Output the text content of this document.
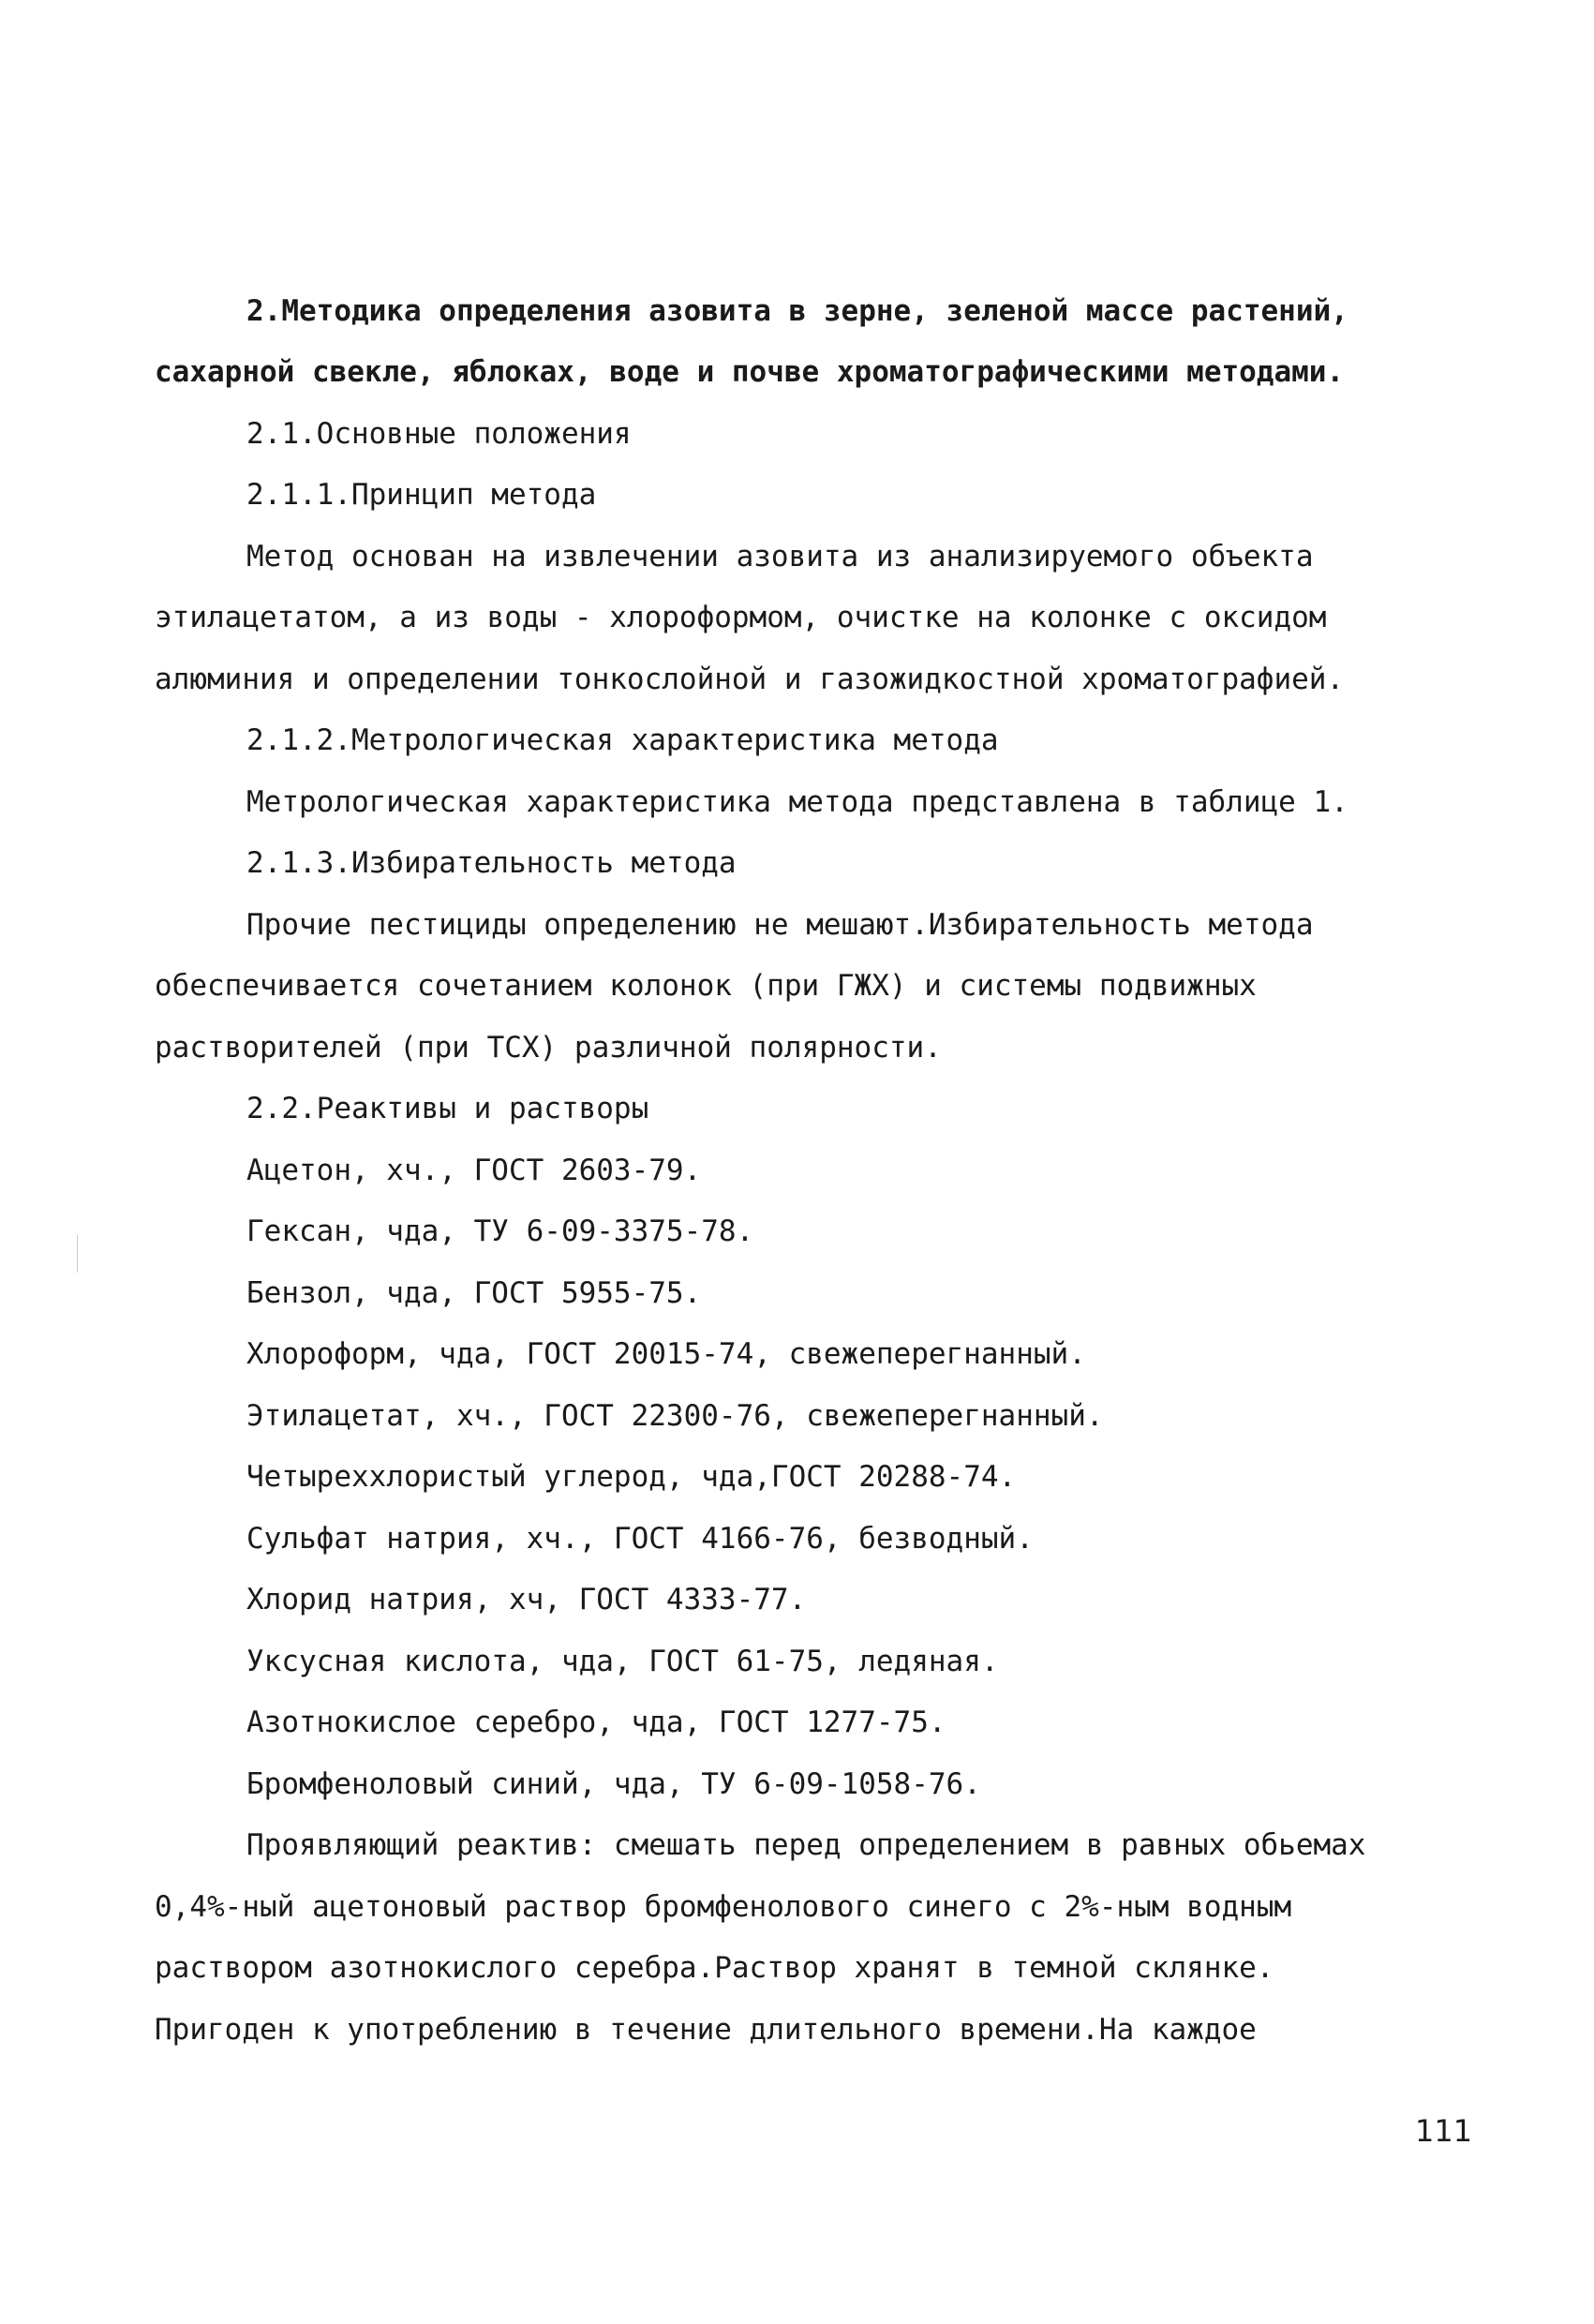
2.Методика определения азовита в зерне, зеленой массе растений,
сахарной свекле, яблоках, воде и почве хроматографическими методами.
2.1.Основные положения
2.1.1.Принцип метода
Метод основан на извлечении азовита из анализируемого объекта
этилацетатом, а из воды - хлороформом, очистке на колонке с оксидом
алюминия и определении тонкослойной и газожидкостной хроматографией.
2.1.2.Метрологическая характеристика метода
Метрологическая характеристика метода представлена в таблице 1.
2.1.3.Избирательность метода
Прочие пестициды определению не мешают.Избирательность метода
обеспечивается сочетанием колонок (при ГЖХ) и системы подвижных
растворителей (при ТСХ) различной полярности.
2.2.Реактивы и растворы
Ацетон, хч., ГОСТ 2603-79.
Гексан, чда, ТУ 6-09-3375-78.
Бензол, чда, ГОСТ 5955-75.
Хлороформ, чда, ГОСТ 20015-74, свежеперегнанный.
Этилацетат, хч., ГОСТ 22300-76, свежеперегнанный.
Четыреххлористый углерод, чда,ГОСТ 20288-74.
Сульфат натрия, хч., ГОСТ 4166-76, безводный.
Хлорид натрия, хч, ГОСТ 4333-77.
Уксусная кислота, чда, ГОСТ 61-75, ледяная.
Азотнокислое серебро, чда, ГОСТ 1277-75.
Бромфеноловый синий, чда, ТУ 6-09-1058-76.
Проявляющий реактив: смешать перед определением в равных обьемах
0,4%-ный ацетоновый раствор бромфенолового синего с 2%-ным водным
раствором азотнокислого серебра.Раствор хранят в темной склянке.
Пригоден к употреблению в течение длительного времени.На каждое
111
